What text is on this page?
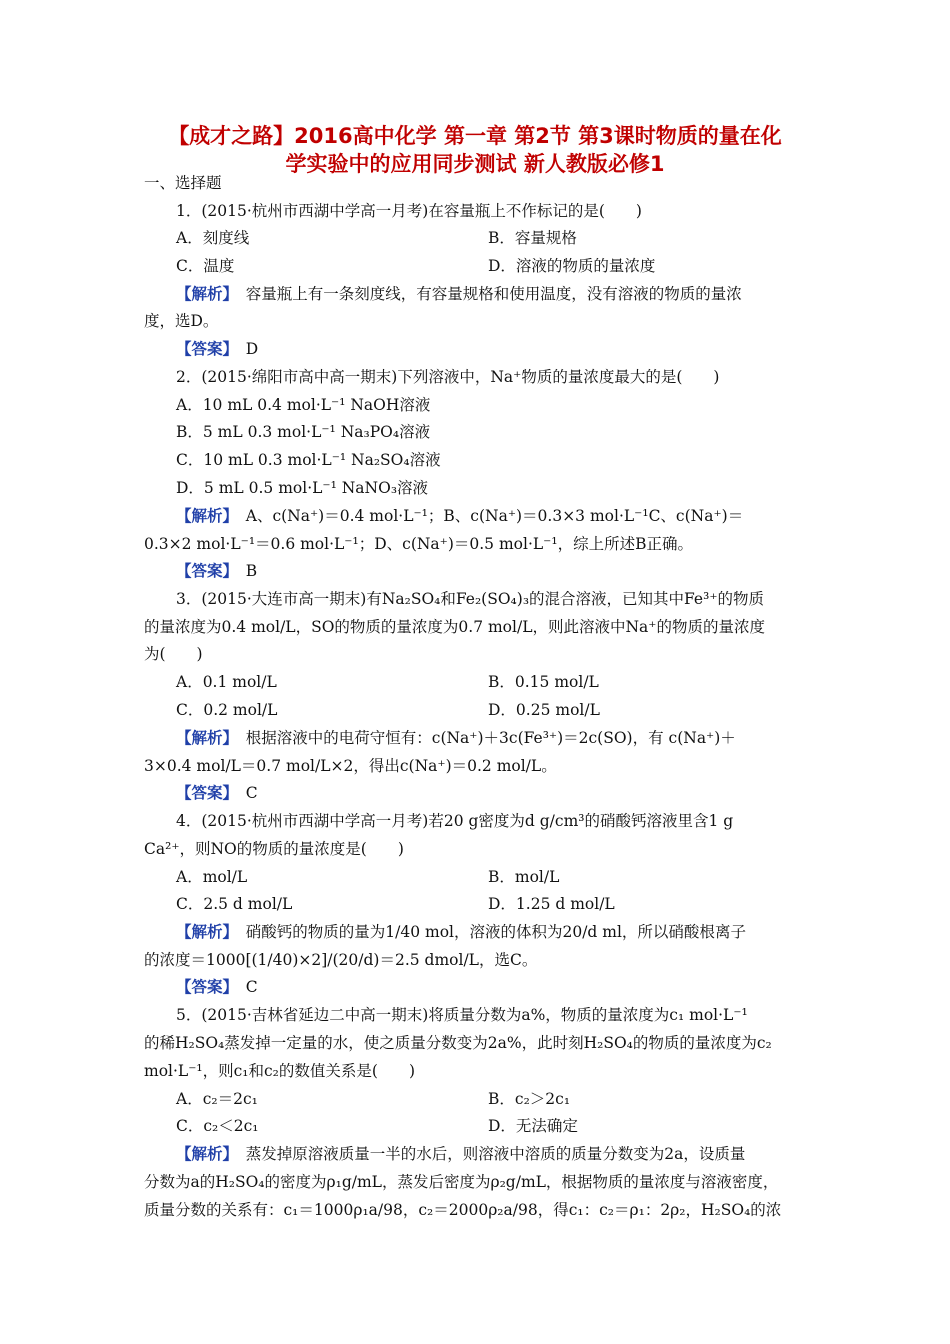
【成才之路】2016高中化学 第一章 第2节 第3课时物质的量在化
学实验中的应用同步测试 新人教版必修1
一、选择题
1．(2015·杭州市西湖中学高一月考)在容量瓶上不作标记的是(　　)
A．刻度线	B．容量规格
C．温度	D．溶液的物质的量浓度
【解析】　容量瓶上有一条刻度线，有容量规格和使用温度，没有溶液的物质的量浓
度，选D。
【答案】　D
2．(2015·绵阳市高中高一期末)下列溶液中，Na⁺物质的量浓度最大的是(　　)
A．10 mL 0.4 mol·L⁻¹ NaOH溶液
B．5 mL 0.3 mol·L⁻¹ Na₃PO₄溶液
C．10 mL 0.3 mol·L⁻¹ Na₂SO₄溶液
D．5 mL 0.5 mol·L⁻¹ NaNO₃溶液
【解析】　A、c(Na⁺)＝0.4 mol·L⁻¹；B、c(Na⁺)＝0.3×3 mol·L⁻¹C、c(Na⁺)＝
0.3×2 mol·L⁻¹＝0.6 mol·L⁻¹；D、c(Na⁺)＝0.5 mol·L⁻¹，综上所述B正确。
【答案】　B
3．(2015·大连市高一期末)有Na₂SO₄和Fe₂(SO₄)₃的混合溶液，已知其中Fe³⁺的物质
的量浓度为0.4 mol/L，SO的物质的量浓度为0.7 mol/L，则此溶液中Na⁺的物质的量浓度
为(　　)
A．0.1 mol/L	B．0.15 mol/L
C．0.2 mol/L	D．0.25 mol/L
【解析】　根据溶液中的电荷守恒有：c(Na⁺)＋3c(Fe³⁺)＝2c(SO)，有 c(Na⁺)＋
3×0.4 mol/L＝0.7 mol/L×2，得出c(Na⁺)＝0.2 mol/L。
【答案】　C
4．(2015·杭州市西湖中学高一月考)若20 g密度为d g/cm³的硝酸钙溶液里含1 g
Ca²⁺，则NO的物质的量浓度是(　　)
A．mol/L	B．mol/L
C．2.5 d mol/L	D．1.25 d mol/L
【解析】　硝酸钙的物质的量为1/40 mol，溶液的体积为20/d ml，所以硝酸根离子
的浓度＝1000[(1/40)×2]/(20/d)＝2.5 dmol/L，选C。
【答案】　C
5．(2015·吉林省延边二中高一期末)将质量分数为a%，物质的量浓度为c₁ mol·L⁻¹
的稀H₂SO₄蒸发掉一定量的水，使之质量分数变为2a%，此时刻H₂SO₄的物质的量浓度为c₂
mol·L⁻¹，则c₁和c₂的数值关系是(　　)
A．c₂＝2c₁	B．c₂＞2c₁
C．c₂＜2c₁	D．无法确定
【解析】　蒸发掉原溶液质量一半的水后，则溶液中溶质的质量分数变为2a，设质量
分数为a的H₂SO₄的密度为ρ₁g/mL，蒸发后密度为ρ₂g/mL，根据物质的量浓度与溶液密度，
质量分数的关系有：c₁＝1000ρ₁a/98，c₂＝2000ρ₂a/98，得c₁：c₂＝ρ₁：2ρ₂，H₂SO₄的浓
